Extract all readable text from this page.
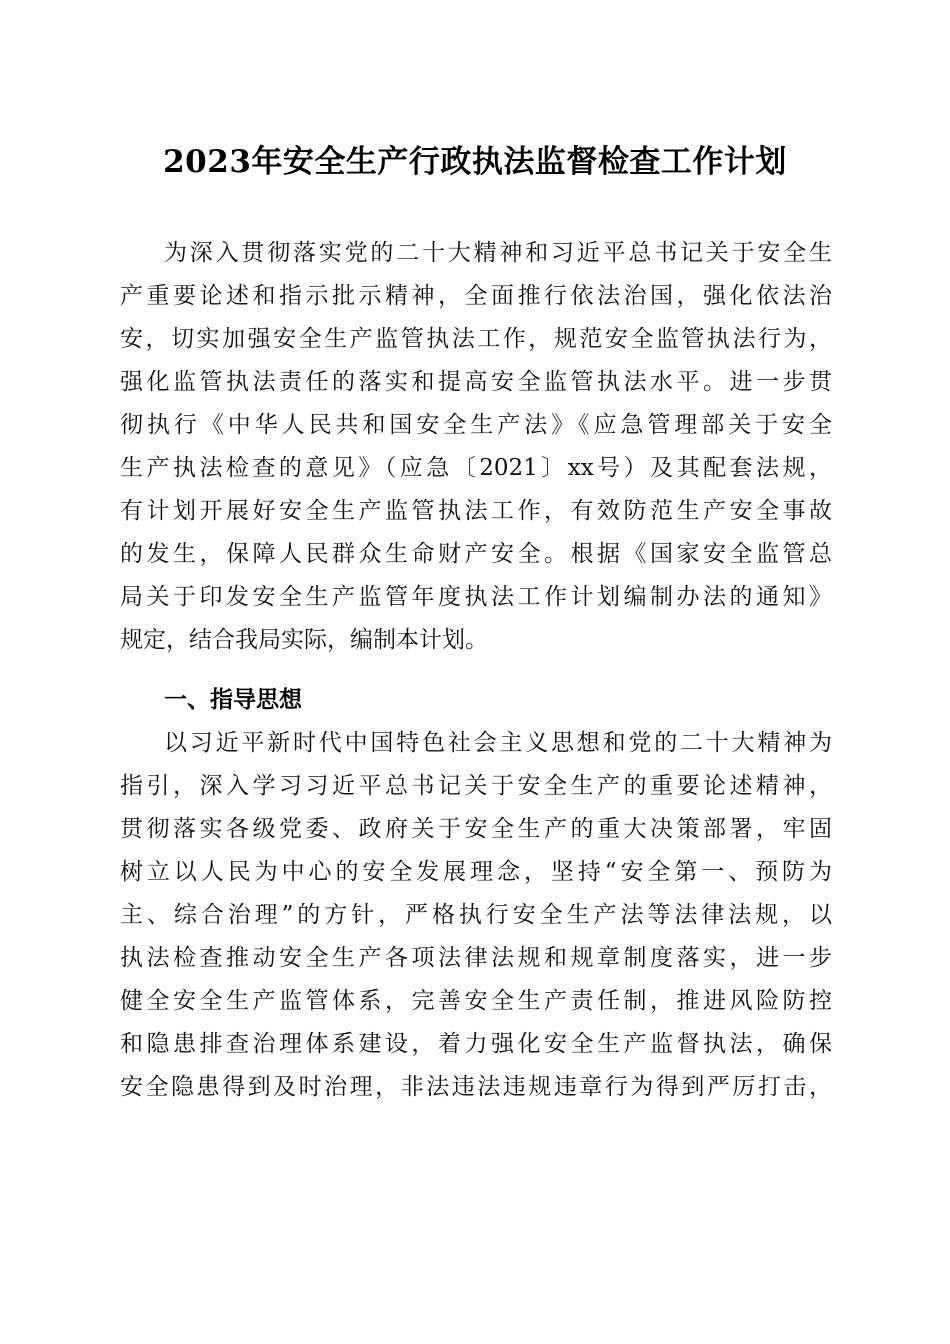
2023年安全生产行政执法监督检查工作计划
为深入贯彻落实党的二十大精神和习近平总书记关于安全生
产重要论述和指示批示精神，全面推行依法治国，强化依法治
安，切实加强安全生产监管执法工作，规范安全监管执法行为，
强化监管执法责任的落实和提高安全监管执法水平。进一步贯
彻执行《中华人民共和国安全生产法》《应急管理部关于安全
生产执法检查的意见》（应急〔2021〕xx号）及其配套法规，
有计划开展好安全生产监管执法工作，有效防范生产安全事故
的发生，保障人民群众生命财产安全。根据《国家安全监管总
局关于印发安全生产监管年度执法工作计划编制办法的通知》
规定，结合我局实际，编制本计划。
一、指导思想
以习近平新时代中国特色社会主义思想和党的二十大精神为
指引，深入学习习近平总书记关于安全生产的重要论述精神，
贯彻落实各级党委、政府关于安全生产的重大决策部署，牢固
树立以人民为中心的安全发展理念，坚持“安全第一、预防为
主、综合治理”的方针，严格执行安全生产法等法律法规，以
执法检查推动安全生产各项法律法规和规章制度落实，进一步
健全安全生产监管体系，完善安全生产责任制，推进风险防控
和隐患排查治理体系建设，着力强化安全生产监督执法，确保
安全隐患得到及时治理，非法违法违规违章行为得到严厉打击，
